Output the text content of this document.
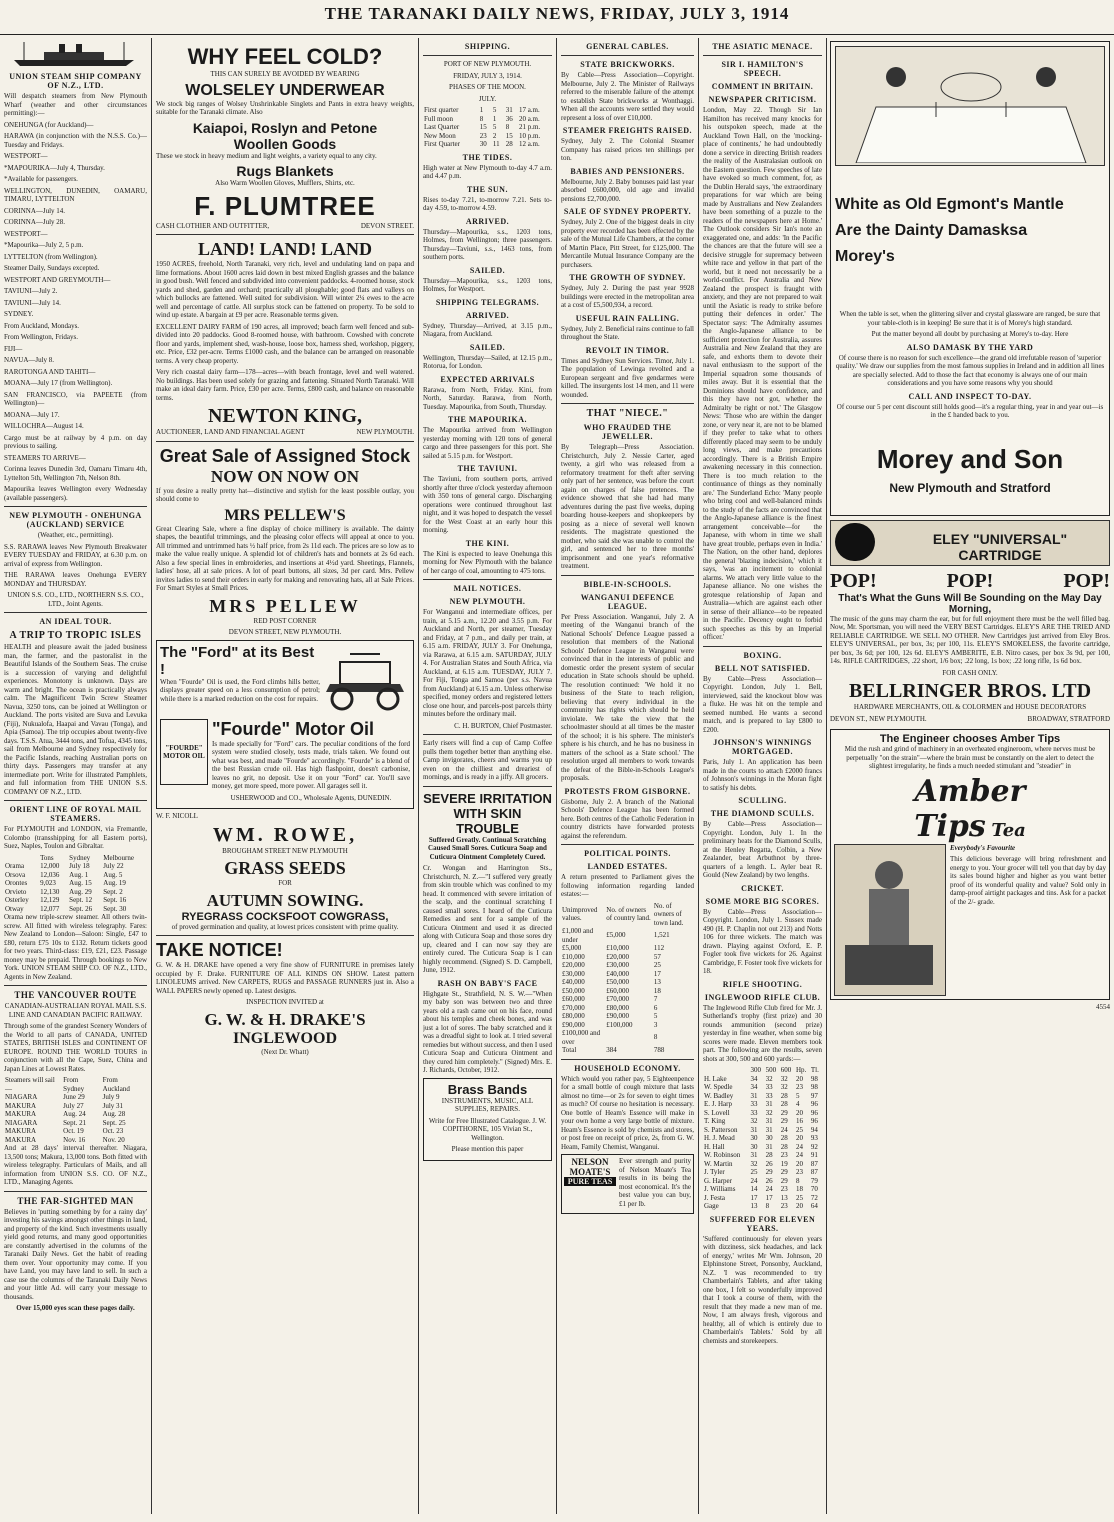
THE TARANAKI DAILY NEWS, FRIDAY, JULY 3, 1914
UNION STEAM SHIP COMPANY OF N.Z., LTD.

Will despatch steamers from New Plymouth Wharf (weather and other circumstances permitting):—

ONEHUNGA (for Auckland)—

HARAWA (in conjunction with the N.S.S. Co.)—Tuesday and Fridays.

WESTPORT—

*MAPOURIKA—July 4, Thursday.

*Available for passengers.

WELLINGTON, DUNEDIN, OAMARU, TIMARU, LYTTELTON

CORINNA—July 14.

CORINNA—July 28.

WESTPORT—

*Mapourika—July 2, 5 p.m.

LYTTELTON (from Wellington).

Steamer Daily, Sundays excepted.

WESTPORT AND GREYMOUTH—

TAVIUNI—July 2.

TAVIUNI—July 14.

SYDNEY.

From Auckland, Mondays.

From Wellington, Fridays.

FIJI—

NAVUA—July 8.

RAROTONGA AND TAHITI—

MOANA—July 17 (from Wellington).

SAN FRANCISCO, via PAPEETE (from Wellington)—

MOANA—July 17.

WILLOCHRA—August 14.

Cargo must be at railway by 4 p.m. on day previous to sailing.

STEAMERS TO ARRIVE—

Corinna leaves Dunedin 3rd, Oamaru Timaru 4th, Lyttelton 5th, Wellington 7th, Nelson 8th.

Mapourika leaves Wellington every Wednesday (available passengers).

NEW PLYMOUTH - ONEHUNGA (AUCKLAND) SERVICE

(Weather, etc., permitting).

S.S. RARAWA leaves New Plymouth Breakwater EVERY TUESDAY and FRIDAY, at 6.30 p.m. on arrival of express from Wellington.

THE RARAWA leaves Onehunga EVERY MONDAY and THURSDAY.

UNION S.S. CO., LTD., NORTHERN S.S. CO., LTD., Joint Agents.

AN IDEAL TOUR.
A TRIP TO TROPIC ISLES

HEALTH and pleasure await the jaded business man, the farmer, and the pastoralist in the Beautiful Islands of the Southern Seas. The cruise is a succession of varying and delightful experiences. Monotony is unknown. Days are warm and bright. The ocean is practically always calm. The Magnificent Twin Screw Steamer Navua, 3250 tons, can be joined at Wellington or Auckland. The ports visited are Suva and Levuka (Fiji), Nukualofa, Haapai and Vavau (Tonga), and Apia (Samoa). The trip occupies about twenty-five days. T.S.S. Atua, 3444 tons, and Tofua, 4345 tons, sail from Melbourne and Sydney respectively for the Pacific Islands, reaching Australian ports on thirty days. Passengers may transfer at any intermediate port. Write for illustrated Pamphlets, and full information from THE UNION S.S. COMPANY OF N.Z., LTD.

ORIENT LINE OF ROYAL MAIL STEAMERS.

For PLYMOUTH and LONDON, via Fremantle, Colombo (transshipping for all Eastern ports), Suez, Naples, Toulon and Gibraltar.

	Tons	Sydney	Melbourne
Orama	12,000	July 18	July 22
Orsova	12,036	Aug. 1	Aug. 5
Orontes	9,023	Aug. 15	Aug. 19
Orvieto	12,130	Aug. 29	Sept. 2
Osterley	12,129	Sept. 12	Sept. 16
Otway	12,077	Sept. 26	Sept. 30

Orama new triple-screw steamer. All others twin-screw. All fitted with wireless telegraphy. Fares: New Zealand to London—Saloon: Single, £47 to £80, return £75 10s to £132. Return tickets good for two years. Third-class: £19, £21, £23. Passage money may be prepaid. Through bookings to New York. UNION STEAM SHIP CO. OF N.Z., LTD., Agents in New Zealand.

THE VANCOUVER ROUTE

CANADIAN-AUSTRALIAN ROYAL MAIL S.S. LINE AND CANADIAN PACIFIC RAILWAY.

Through some of the grandest Scenery Wonders of the World to all parts of CANADA, UNITED STATES, BRITISH ISLES and CONTINENT OF EUROPE. ROUND THE WORLD TOURS in conjunction with all the Cape, Suez, China and Japan Lines at Lowest Rates.

Steamers will sail—	From Sydney	From Auckland
NIAGARA	June 29	July 9
MAKURA	July 27	July 31
MAKURA	Aug. 24	Aug. 28
NIAGARA	Sept. 21	Sept. 25
MAKURA	Oct. 19	Oct. 23
MAKURA	Nov. 16	Nov. 20

And at 28 days' interval thereafter. Niagara, 13,500 tons; Makura, 13,000 tons. Both fitted with wireless telegraphy. Particulars of Mails, and all information from UNION S.S. CO. OF N.Z., LTD., Managing Agents.

THE FAR-SIGHTED MAN

Believes in 'putting something by for a rainy day' investing his savings amongst other things in land, and property of the kind. Such investments usually yield good returns, and many good opportunities are constantly advertised in the columns of the Taranaki Daily News. Get the habit of reading them over. Your opportunity may come. If you have Land, you may have land to sell. In such a case use the columns of the Taranaki Daily News and your little Ad. will carry your message to thousands.

Over 15,000 eyes scan these pages daily.

WHY FEEL COLD?

THIS CAN SURELY BE AVOIDED BY WEARING

WOLSELEY UNDERWEAR

We stock big ranges of Wolsey Unshrinkable Singlets and Pants in extra heavy weights, suitable for the Taranaki climate. Also

Kaiapoi, Roslyn and Petone
Woollen Goods

These we stock in heavy medium and light weights, a variety equal to any city.

Rugs Blankets

Also Warm Woollen Gloves, Mufflers, Shirts, etc.

F. PLUMTREE
CASH CLOTHIER AND OUTFITTER,	DEVON STREET.
LAND! LAND! LAND

1950 ACRES, freehold, North Taranaki, very rich, level and undulating land on papa and lime formations. About 1600 acres laid down in best mixed English grasses and the balance in good bush. Well fenced and subdivided into convenient paddocks. 4-roomed house, stock yards and shed, garden and orchard; practically all ploughable; good flats and valleys on which bullocks are fattened. Well suited for subdivision. Will winter 2¼ ewes to the acre well and percentage of cattle. All surplus stock can be fattened on property. To be sold to wind up estate. A bargain at £9 per acre. Reasonable terms given.

EXCELLENT DAIRY FARM of 190 acres, all improved; beach farm well fenced and sub-divided into 20 paddocks. Good 8-roomed house, with bathroom. Cowshed with concrete floor and yards, implement shed, wash-house, loose box, harness shed, workshop, piggery, etc. Price, £32 per-acre. Terms £1000 cash, and the balance can be arranged on reasonable terms. A very cheap property.

Very rich coastal dairy farm—178—acres—with beach frontage, level and well watered. No buildings. Has been used solely for grazing and fattening. Situated North Taranaki. Will make an ideal dairy farm. Price, £30 per acre. Terms, £800 cash, and balance on reasonable terms.

NEWTON KING,
AUCTIONEER, LAND AND FINANCIAL AGENT	NEW PLYMOUTH.
Great Sale of Assigned Stock
NOW ON NOW ON

If you desire a really pretty hat—distinctive and stylish for the least possible outlay, you should come to

MRS PELLEW'S

Great Clearing Sale, where a fine display of choice millinery is available. The dainty shapes, the beautiful trimmings, and the pleasing color effects will appeal at once to you. All trimmed and untrimmed hats ½ half price, from 2s 11d each. The prices are so low as to make the value really unique. A splendid lot of children's hats and bonnets at 2s 6d each. Also a few special lines in embroideries, and insertions at 4½d yard. Sheetings, Flannels, ladies' hose, all at sale prices. A lot of pearl buttons, all sizes, 3d per card. Mrs. Pellew invites ladies to send their orders in early for making and renovating hats, all at Sale Prices. For Smart Styles at Small Prices.

MRS PELLEW

RED POST CORNER

DEVON STREET, NEW PLYMOUTH.

The "Ford" at its Best !

When "Fourde" Oil is used, the Ford climbs hills better, displays greater speed on a less consumption of petrol; while there is a marked reduction on the cost for repairs.

"FOURDE" MOTOR OIL
"Fourde" Motor Oil

Is made specially for "Ford" cars. The peculiar conditions of the ford system were studied closely, tests made, trials taken. We found out what was best, and made "Fourde" accordingly. "Fourde" is a blend of the best Russian crude oil. Has high flashpoint, doesn't carbonise, leaves no grit, no deposit. Use it on your "Ford" car. You'll save money, get more speed, more power. All garages sell it.

USHERWOOD and CO., Wholesale Agents, DUNEDIN.

W. F. NICOLL

WM. ROWE,

BROUGHAM STREET NEW PLYMOUTH

GRASS SEEDS

FOR

AUTUMN SOWING.
RYEGRASS COCKSFOOT COWGRASS,

of proved germination and quality, at lowest prices consistent with prime quality.

TAKE NOTICE!

G. W. & H. DRAKE have opened a very fine show of FURNITURE in premises lately occupied by F. Drake. FURNITURE OF ALL KINDS ON SHOW. Latest pattern LINOLEUMS arrived. New CARPETS, RUGS and PASSAGE RUNNERS just in. Also a WALL PAPERS newly opened up. Latest designs.

INSPECTION INVITED at

G. W. & H. DRAKE'S
INGLEWOOD

(Next Dr. Whatt)

SHIPPING.

PORT OF NEW PLYMOUTH.

FRIDAY, JULY 3, 1914.

PHASES OF THE MOON.

JULY.

First quarter	1	5	31	17 a.m.
Full moon	8	1	36	20 a.m.
Last Quarter	15	5	8	21 p.m.
New Moon	23	2	15	10 p.m.
First Quarter	30	11	28	12 a.m.
THE TIDES.

High water at New Plymouth to-day 4.7 a.m. and 4.47 p.m.

THE SUN.

Rises to-day 7.21, to-morrow 7.21. Sets to-day 4.59, to-morrow 4.59.

ARRIVED.

Thursday—Mapourika, s.s., 1203 tons, Holmes, from Wellington; three passengers. Thursday—Taviuni, s.s., 1463 tons, from southern ports.

SAILED.

Thursday—Mapourika, s.s., 1203 tons, Holmes, for Westport.

SHIPPING TELEGRAMS.
ARRIVED.

Sydney, Thursday—Arrived, at 3.15 p.m., Niagara, from Auckland.

SAILED.

Wellington, Thursday—Sailed, at 12.15 p.m., Rotorua, for London.

EXPECTED ARRIVALS

Rarawa, from North, Friday. Kini, from North, Saturday. Rarawa, from North, Tuesday. Mapourika, from South, Thursday.

THE MAPOURIKA.

The Mapourika arrived from Wellington yesterday morning with 120 tons of general cargo and three passengers for this port. She sailed at 5.15 p.m. for Westport.

THE TAVIUNI.

The Taviuni, from southern ports, arrived shortly after three o'clock yesterday afternoon with 350 tons of general cargo. Discharging operations were continued throughout last night, and it was hoped to despatch the vessel for the West Coast at an early hour this morning.

THE KINI.

The Kini is expected to leave Onehunga this morning for New Plymouth with the balance of her cargo of coal, amounting to 475 tons.

MAIL NOTICES.
NEW PLYMOUTH.

For Wanganui and intermediate offices, per train, at 5.15 a.m., 12.20 and 3.55 p.m. For Auckland and North, per steamer, Tuesday and Friday, at 7 p.m., and daily per train, at 6.15 a.m. FRIDAY, JULY 3. For Onehunga, via Rarawa, at 6.15 a.m. SATURDAY, JULY 4. For Australian States and South Africa, via Auckland, at 6.15 a.m. TUESDAY, JULY 7. For Fiji, Tonga and Samoa (per s.s. Navua from Auckland) at 6.15 a.m. Unless otherwise specified, money orders and registered letters close one hour, and parcels-post parcels thirty minutes before the ordinary mail.

C. H. BURTON, Chief Postmaster.

Early risers will find a cup of Camp Coffee pulls them together better than anything else. Camp invigorates, cheers and warms you up even on the chilliest and dreariest of mornings, and is ready in a jiffy. All grocers.

SEVERE IRRITATION
WITH SKIN TROUBLE

Suffered Greatly. Continual Scratching Caused Small Sores. Cuticura Soap and Cuticura Ointment Completely Cured.

Cr. Wongan and Harrington Sts., Christchurch, N. Z.—"I suffered very greatly from skin trouble which was confined to my head. It commenced with severe irritation of the scalp, and the continual scratching I caused small sores. I heard of the Cuticura Remedies and sent for a sample of the Cuticura Ointment and used it as directed along with Cuticura Soap and those sores dry up, cleared and I can now say they are entirely cured. The Cuticura Soap is I can highly recommend. (Signed) S. D. Campbell, June, 1912.

RASH ON BABY'S FACE

Highgate St., Strathfield, N. S. W.—"When my baby son was between two and three years old a rash came out on his face, round about his temples and cheek bones, and was just a lot of sores. The baby scratched and it was a dreadful sight to look at. I tried several remedies but without success, and then I used Cuticura Soap and Cuticura Ointment and they cured him completely." (Signed) Mrs. E. J. Richards, October, 1912.

Brass Bands

INSTRUMENTS, MUSIC, ALL SUPPLIES, REPAIRS.

Write for Free Illustrated Catalogue. J. W. COPITHORNE, 105 Vivian St., Wellington.

Please mention this paper

GENERAL CABLES.
STATE BRICKWORKS.

By Cable—Press Association—Copyright. Melbourne, July 2. The Minister of Railways referred to the miserable failure of the attempt to establish State brickworks at Wonthaggi. When all the accounts were settled they would represent a loss of over £10,000.

STEAMER FREIGHTS RAISED.

Sydney, July 2. The Colonial Steamer Company has raised prices ten shillings per ton.

BABIES AND PENSIONERS.

Melbourne, July 2. Baby bonuses paid last year absorbed £600,000, old age and invalid pensions £2,700,000.

SALE OF SYDNEY PROPERTY.

Sydney, July 2. One of the biggest deals in city property ever recorded has been effected by the sale of the Mutual Life Chambers, at the corner of Martin Place, Pitt Street, for £125,000. The Mercantile Mutual Insurance Company are the purchasers.

THE GROWTH OF SYDNEY.

Sydney, July 2. During the past year 9928 buildings were erected in the metropolitan area at a cost of £5,500,934, a record.

USEFUL RAIN FALLING.

Sydney, July 2. Beneficial rains continue to fall throughout the State.

REVOLT IN TIMOR.

Times and Sydney Sun Services. Timor, July 1. The population of Lewinga revolted and a European sergeant and five gendarmes were killed. The insurgents lost 14 men, and 11 were wounded.

THAT "NIECE."
WHO FRAUDED THE JEWELLER.

By Telegraph—Press Association. Christchurch, July 2. Nessie Carter, aged twenty, a girl who was released from a reformatory treatment for theft after serving only part of her sentence, was before the court again on charges of false pretences. The evidence showed that she had had many adventures during the past five weeks, duping boarding house-keepers and shopkeepers by posing as a niece of several well known residents. The magistrate questioned the mother, who said she was unable to control the girl, and sentenced her to three months' imprisonment and one year's reformative treatment.

BIBLE-IN-SCHOOLS.
WANGANUI DEFENCE LEAGUE.

Per Press Association. Wanganui, July 2. A meeting of the Wanganui branch of the National Schools' Defence League passed a resolution that members of the National Schools' Defence League in Wanganui were convinced that in the interests of public and domestic order the present system of secular education in State schools should be upheld. The resolution continued: 'We hold it no business of the State to teach religion, believing that every individual in the community has rights which should be held inviolate. We take the view that the schoolmaster should at all times be the master of the school; it is his sphere. The minister's sphere is his church, and he has no business in matters of the school as a State school.' The resolution urged all members to work towards the defeat of the Bible-in-Schools League's proposals.

PROTESTS FROM GISBORNE.

Gisborne, July 2. A branch of the National Schools' Defence League has been formed here. Both centres of the Catholic Federation in country districts have forwarded protests against the referendum.

POLITICAL POINTS.
LANDED ESTATES.

A return presented to Parliament gives the following information regarding landed estates:—

Unimproved values.	No. of owners of country land.	No. of owners of town land.
£1,000 and under	£5,000	1,521
£5,000	£10,000	112
£10,000	£20,000	57
£20,000	£30,000	25
£30,000	£40,000	17
£40,000	£50,000	13
£50,000	£60,000	18
£60,000	£70,000	7
£70,000	£80,000	6
£80,000	£90,000	5
£90,000	£100,000	3
£100,000 and over		8
Total	384	788
HOUSEHOLD ECONOMY.

Which would you rather pay, 5 Eighteenpence for a small bottle of cough mixture that lasts almost no time—or 2s for seven to eight times as much? Of course no hesitation is necessary. One bottle of Heam's Essence will make in your own home a very large bottle of mixture. Heam's Essence is sold by chemists and stores, or post free on receipt of price, 2s, from G. W. Heam, Family Chemist, Wanganui.

NELSON MOATE'S
PURE TEAS

Ever strength and purity of Nelson Moate's Tea results in its being the most economical. It's the best value you can buy, £1 per lb.

THE ASIATIC MENACE.
SIR I. HAMILTON'S SPEECH.
COMMENT IN BRITAIN.
NEWSPAPER CRITICISM.

London, May 22. Though Sir Ian Hamilton has received many knocks for his outspoken speech, made at the Auckland Town Hall, on the 'mocking-place of continents,' he had undoubtedly done a service in directing British readers the reality of the Australasian outlook on the Eastern question. Few speeches of late have evoked so much comment, for, as the Dublin Herald says, 'the extraordinary preparations for war which are being made by Australians and New Zealanders have been something of a puzzle to the readers of the newspapers here at Home.' The Outlook considers Sir Ian's note an exaggerated one, and adds: 'In the Pacific the chances are that the future will see a decisive struggle for supremacy between white race and yellow in that part of the world, but it need not necessarily be a world-conflict. For Australia and New Zealand the prospect is fraught with anxiety, and they are not prepared to wait until the Asiatic is ready to strike before putting their defences in order.' The Spectator says: 'The Admiralty assumes the Anglo-Japanese alliance to be sufficient protection for Australia, assures Australia and New Zealand that they are safe, and exhorts them to devote their naval enthusiasm to the support of the Imperial squadron some thousands of miles away. But it is essential that the Dominions should have confidence, and this they have not got, whether the Admiralty be right or not.' The Glasgow News: 'Those who are within the danger zone, or very near it, are not to be blamed if they prefer to take what to others differently placed may seem to be unduly long views, and make precautions accordingly. There is a British Empire awakening necessary in this connection. There is too much relation to the continuance of things as they nominally are.' The Sunderland Echo: 'Many people who bring cool and well-balanced minds to the study of the facts are convinced that the Anglo-Japanese alliance is the finest arrangement conceivable—for the Japanese, with whom in time we shall have great trouble, perhaps even in India.' The Nation, on the other hand, deplores the general 'blazing indecision,' which it says, 'was an incitement to colonial alarms. We attach very little value to the Japanese alliance. No one wishes the grotesque relationship of Japan and Australia—which are against each other in sense of their alliance—to be repeated in the Pacific. Decency ought to forbid such speeches as this by an Imperial officer.'

BOXING.
BELL NOT SATISFIED.

By Cable—Press Association—Copyright. London, July 1. Bell, interviewed, said the knockout blow was a fluke. He was hit on the temple and seemed numbed. He wants a second match, and is prepared to lay £800 to £200.

JOHNSON'S WINNINGS MORTGAGED.

Paris, July 1. An application has been made in the courts to attach £2000 francs of Johnson's winnings in the Moran fight to satisfy his debts.

SCULLING.
THE DIAMOND SCULLS.

By Cable—Press Association—Copyright. London, July 1. In the preliminary heats for the Diamond Sculls, at the Henley Regatta, Colbin, a New Zealander, beat Arbuthnot by three-quarters of a length. L. Ayler beat R. Gould (New Zealand) by two lengths.

CRICKET.
SOME MORE BIG SCORES.

By Cable—Press Association—Copyright. London, July 1. Sussex made 490 (H. P. Chaplin not out 213) and Notts 106 for three wickets. The match was drawn. Playing against Oxford, E. P. Fogler took five wickets for 26. Against Cambridge, F. Foster took five wickets for 18.

RIFLE SHOOTING.
INGLEWOOD RIFLE CLUB.

The Inglewood Rifle Club fired for Mr. J. Sutherland's trophy (first prize) and 30 rounds ammunition (second prize) yesterday in fine weather, when some big scores were made. Eleven members took part. The following are the results, seven shots at 300, 500 and 600 yards:—

	300	500	600	Hp.	Tl.
H. Lake	34	32	32	20	98
W. Spedle	34	33	32	23	98
W. Badley	31	33	28	5	97
E. J. Harp	33	31	28	4	96
S. Lovell	33	32	29	20	96
T. King	32	31	29	16	96
S. Patterson	31	31	24	25	94
H. J. Mead	30	30	28	20	93
H. Hall	30	31	28	24	92
W. Robinson	31	28	23	24	91
W. Martin	32	26	19	20	87
J. Tyler	25	29	29	23	87
G. Harper	24	26	29	8	79
J. Williams	14	24	23	18	70
J. Festa	17	17	13	25	72
Gage	13	8	23	20	64
SUFFERED FOR ELEVEN YEARS.

'Suffered continuously for eleven years with dizziness, sick headaches, and lack of energy,' writes Mr Wm. Johnson, 20 Elphinstone Street, Ponsonby, Auckland, N.Z. 'I was recommended to try Chamberlain's Tablets, and after taking one box, I felt so wonderfully improved that I took a course of them, with the result that they made a new man of me. Now, I am always fresh, vigorous and healthy, all of which is entirely due to Chamberlain's Tablets.' Sold by all chemists and storekeepers.

White as Old Egmont's Mantle
Are the Dainty Damasksa
Morey's

When the table is set, when the glittering silver and crystal glassware are ranged, be sure that your table-cloth is in keeping! Be sure that it is of Morey's high standard.

Put the matter beyond all doubt by purchasing at Morey's to-day. Here

ALSO DAMASK BY THE YARD

Of course there is no reason for such excellence—the grand old irrefutable reason of 'superior quality.' We draw our supplies from the most famous supplies in Ireland and in addition all lines are specially selected. Add to those the fact that economy is always one of our main considerations and you have some reasons why you should

CALL AND INSPECT TO-DAY.

Of course our 5 per cent discount still holds good—it's a regular thing, year in and year out—is in the £ handed back to you.

Morey and Son
New Plymouth and Stratford
ELEY "UNIVERSAL" CARTRIDGE
POP!	POP!	POP!
That's What the Guns Will Be Sounding on the May Day Morning,

The music of the guns may charm the ear, but for full enjoyment there must be the well filled bag. Now, Mr. Sportsman, you will need the VERY BEST Cartridges. ELEY'S ARE THE TRIED AND RELIABLE CARTRIDGE. WE SELL NO OTHER. New Cartridges just arrived from Eley Bros. ELEY'S UNIVERSAL, per box, 3s; per 100, 11s. ELEY'S SMOKELESS, the favorite cartridge, per box, 3s 6d; per 100, 12s 6d. ELEY'S AMBERITE, E.B. Nitro cases, per box 3s 9d, per 100, 14s. RIFLE CARTRIDGES, .22 short, 1/6 box; .22 long, 1s box; .22 long rifle, 1s 6d box.

FOR CASH ONLY.

BELLRINGER BROS. LTD

HARDWARE MERCHANTS, OIL & COLORMEN and HOUSE DECORATORS

DEVON ST., NEW PLYMOUTH.	BROADWAY, STRATFORD
The Engineer chooses Amber Tips

Mid the rush and grind of machinery in an overheated engineroom, where nerves must be perpetually "on the strain"—where the brain must be constantly on the alert to detect the slightest irregularity, he finds a much needed stimulant and "steadier" in

Amber
Tips Tea

Everybody's Favourite

This delicious beverage will bring refreshment and energy to you. Your grocer will tell you that day by day its sales bound higher and higher as you want better proof of its wonderful quality and value? Sold only in damp-proof airtight packages and tins. Ask for a packet of the 2/- grade.

4554
